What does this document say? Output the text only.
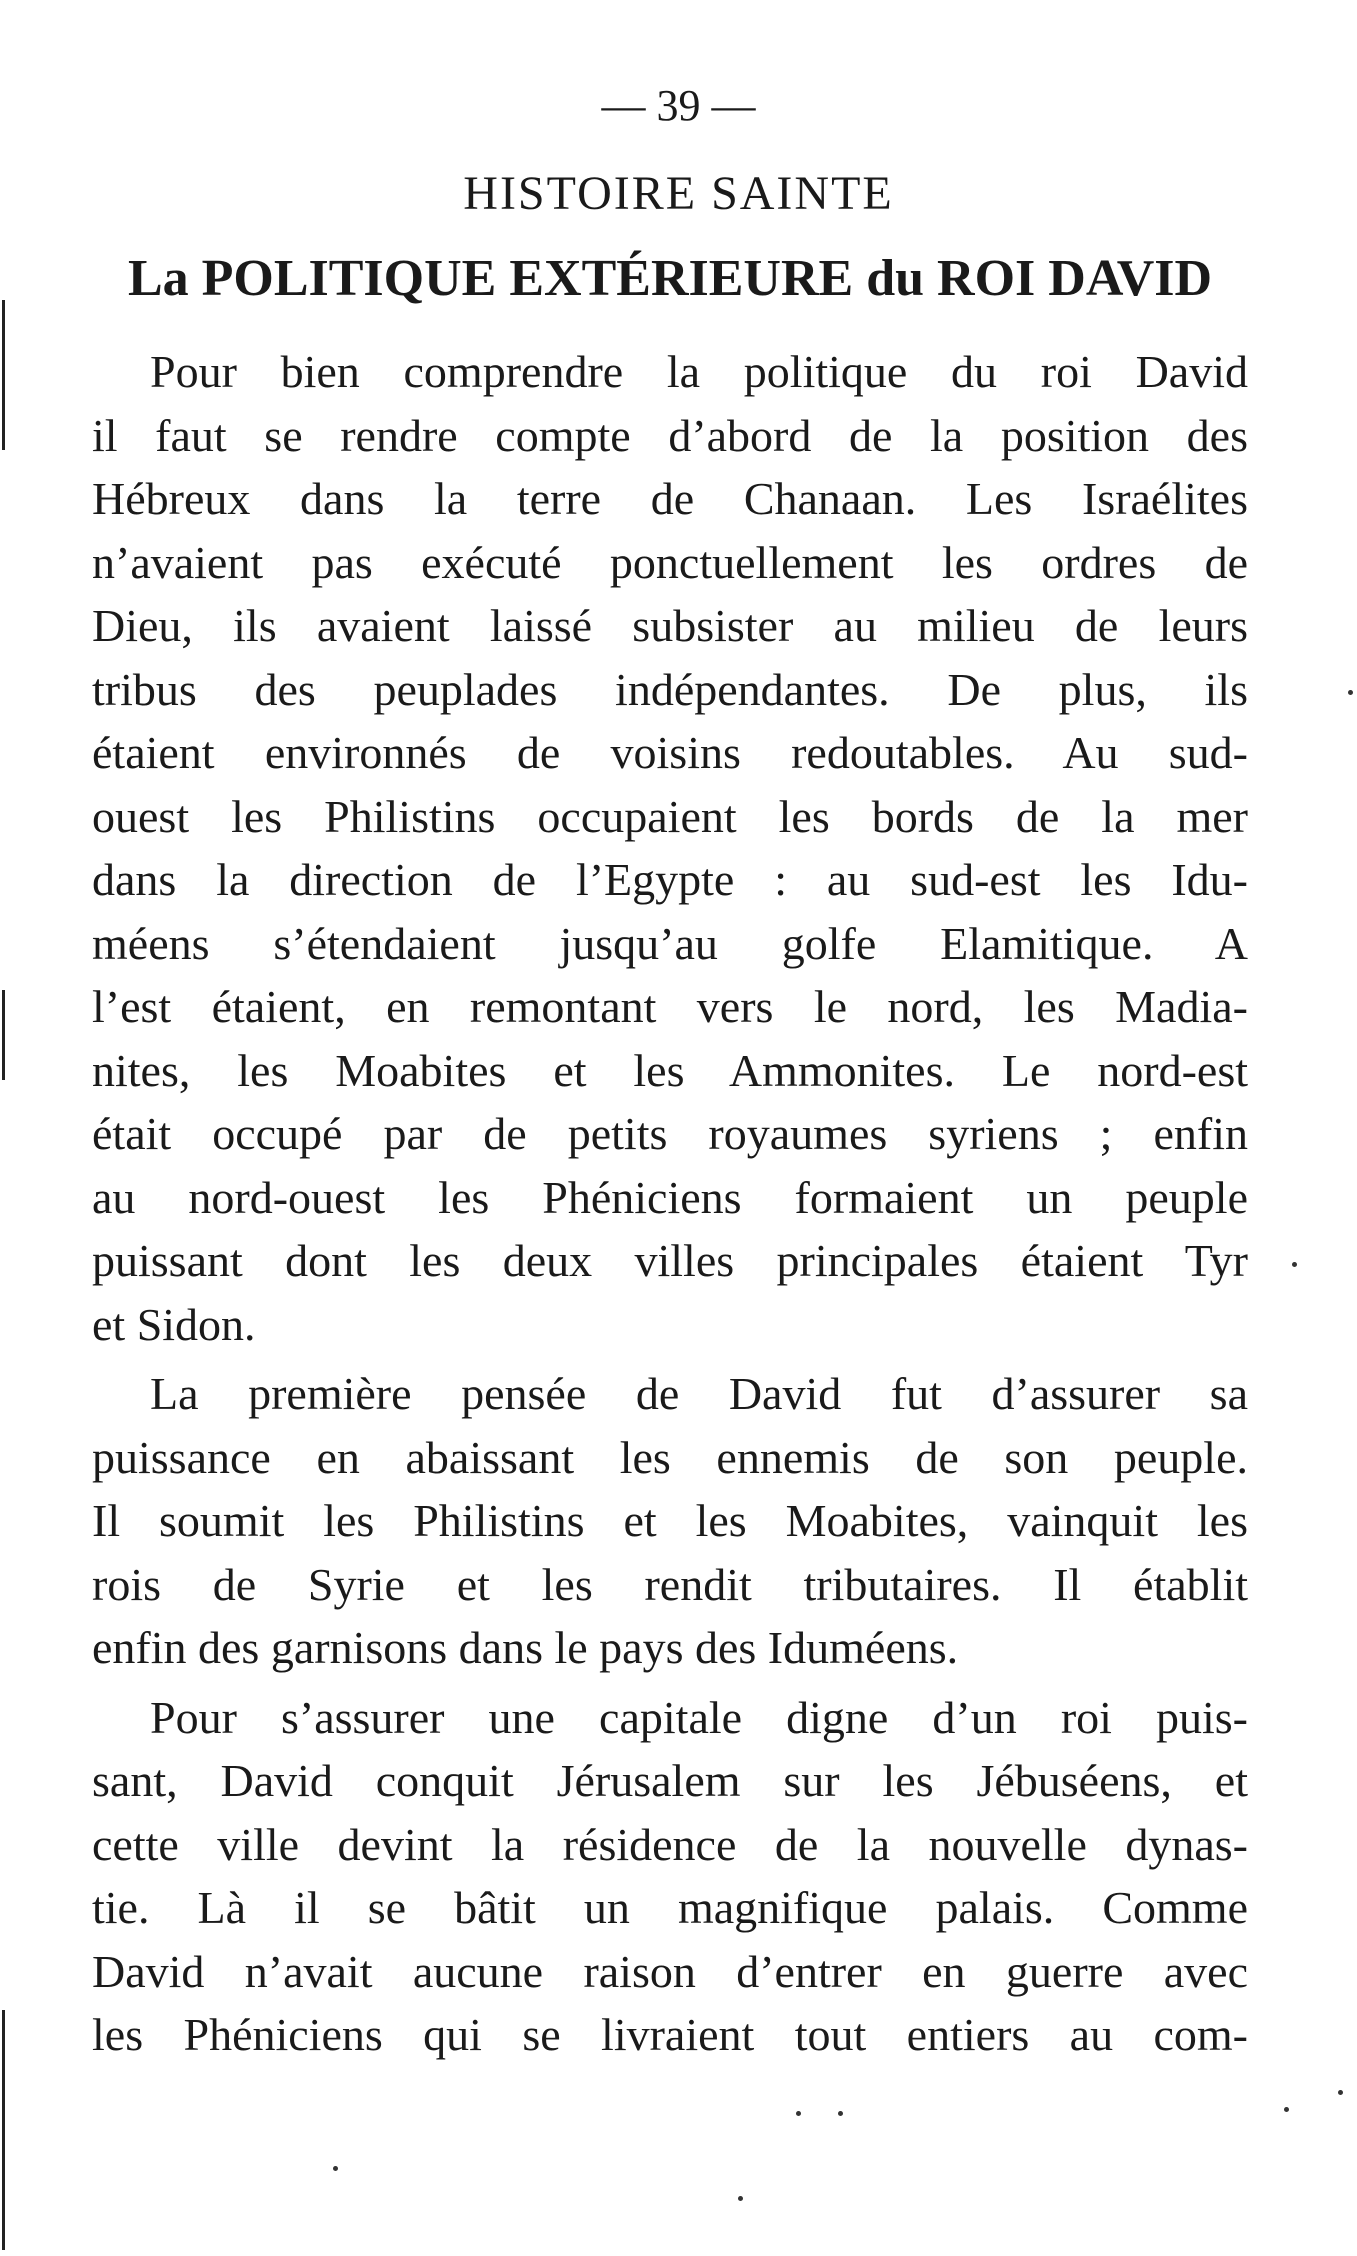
— 39 —
HISTOIRE SAINTE
La POLITIQUE EXTÉRIEURE du ROI DAVID
Pour bien comprendre la politique du roi David
il faut se rendre compte d’abord de la position des
Hébreux dans la terre de Chanaan. Les Israélites
n’avaient pas exécuté ponctuellement les ordres de
Dieu, ils avaient laissé subsister au milieu de leurs
tribus des peuplades indépendantes. De plus, ils
étaient environnés de voisins redoutables. Au sud-
ouest les Philistins occupaient les bords de la mer
dans la direction de l’Egypte : au sud-est les Idu-
méens s’étendaient jusqu’au golfe Elamitique. A
l’est étaient, en remontant vers le nord, les Madia-
nites, les Moabites et les Ammonites. Le nord-est
était occupé par de petits royaumes syriens ; enfin
au nord-ouest les Phéniciens formaient un peuple
puissant dont les deux villes principales étaient Tyr
et Sidon.
La première pensée de David fut d’assurer sa
puissance en abaissant les ennemis de son peuple.
Il soumit les Philistins et les Moabites, vainquit les
rois de Syrie et les rendit tributaires. Il établit
enfin des garnisons dans le pays des Iduméens.
Pour s’assurer une capitale digne d’un roi puis-
sant, David conquit Jérusalem sur les Jébuséens, et
cette ville devint la résidence de la nouvelle dynas-
tie. Là il se bâtit un magnifique palais. Comme
David n’avait aucune raison d’entrer en guerre avec
les Phéniciens qui se livraient tout entiers au com-
